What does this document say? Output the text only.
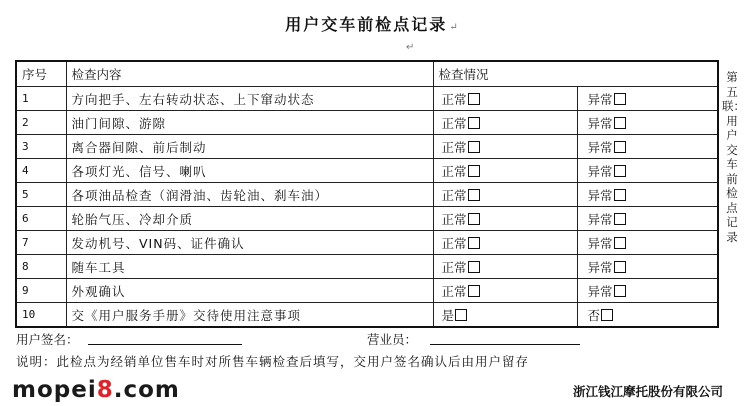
用户交车前检点记录 ↵
↵
序号	检查内容	检查情况	
1	方向把手、左右转动状态、上下窜动状态	正常	异常
2	油门间隙、游隙	正常	异常
3	离合器间隙、前后制动	正常	异常
4	各项灯光、信号、喇叭	正常	异常
5	各项油品检查（润滑油、齿轮油、刹车油）	正常	异常
6	轮胎气压、冷却介质	正常	异常
7	发动机号、VIN码、证件确认	正常	异常
8	随车工具	正常	异常
9	外观确认	正常	异常
10	交《用户服务手册》交待使用注意事项	是	否
第五联：用户交车前检点记录
用户签名：	营业员：
说明：此检点为经销单位售车时对所售车辆检查后填写，交用户签名确认后由用户留存
mopei8.com	浙江钱江摩托股份有限公司
